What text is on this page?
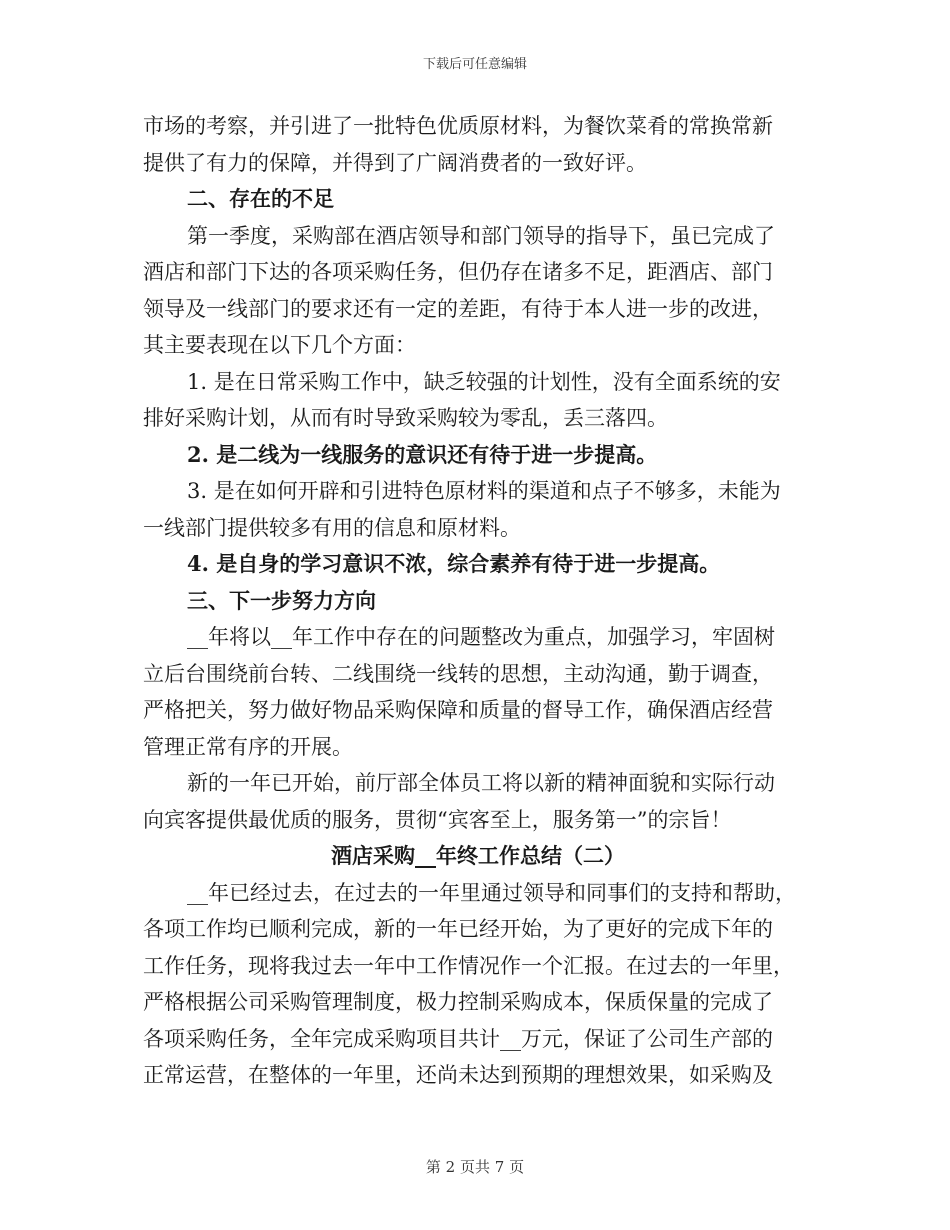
下载后可任意编辑

市场的考察，并引进了一批特色优质原材料，为餐饮菜肴的常换常新

提供了有力的保障，并得到了广阔消费者的一致好评。

二、存在的不足

第一季度，采购部在酒店领导和部门领导的指导下，虽已完成了

酒店和部门下达的各项采购任务，但仍存在诸多不足，距酒店、部门

领导及一线部门的要求还有一定的差距，有待于本人进一步的改进，

其主要表现在以下几个方面：

1. 是在日常采购工作中，缺乏较强的计划性，没有全面系统的安

排好采购计划，从而有时导致采购较为零乱，丢三落四。

2. 是二线为一线服务的意识还有待于进一步提高。

3. 是在如何开辟和引进特色原材料的渠道和点子不够多，未能为

一线部门提供较多有用的信息和原材料。

4. 是自身的学习意识不浓，综合素养有待于进一步提高。

三、下一步努力方向

__年将以__年工作中存在的问题整改为重点，加强学习，牢固树

立后台围绕前台转、二线围绕一线转的思想，主动沟通，勤于调查，

严格把关，努力做好物品采购保障和质量的督导工作，确保酒店经营

管理正常有序的开展。

新的一年已开始，前厅部全体员工将以新的精神面貌和实际行动

向宾客提供最优质的服务，贯彻“宾客至上，服务第一”的宗旨！

酒店采购__年终工作总结（二）

__年已经过去，在过去的一年里通过领导和同事们的支持和帮助，

各项工作均已顺利完成，新的一年已经开始，为了更好的完成下年的

工作任务，现将我过去一年中工作情况作一个汇报。在过去的一年里，

严格根据公司采购管理制度，极力控制采购成本，保质保量的完成了

各项采购任务，全年完成采购项目共计__万元，保证了公司生产部的

正常运营，在整体的一年里，还尚未达到预期的理想效果，如采购及

第 2 页共 7 页
